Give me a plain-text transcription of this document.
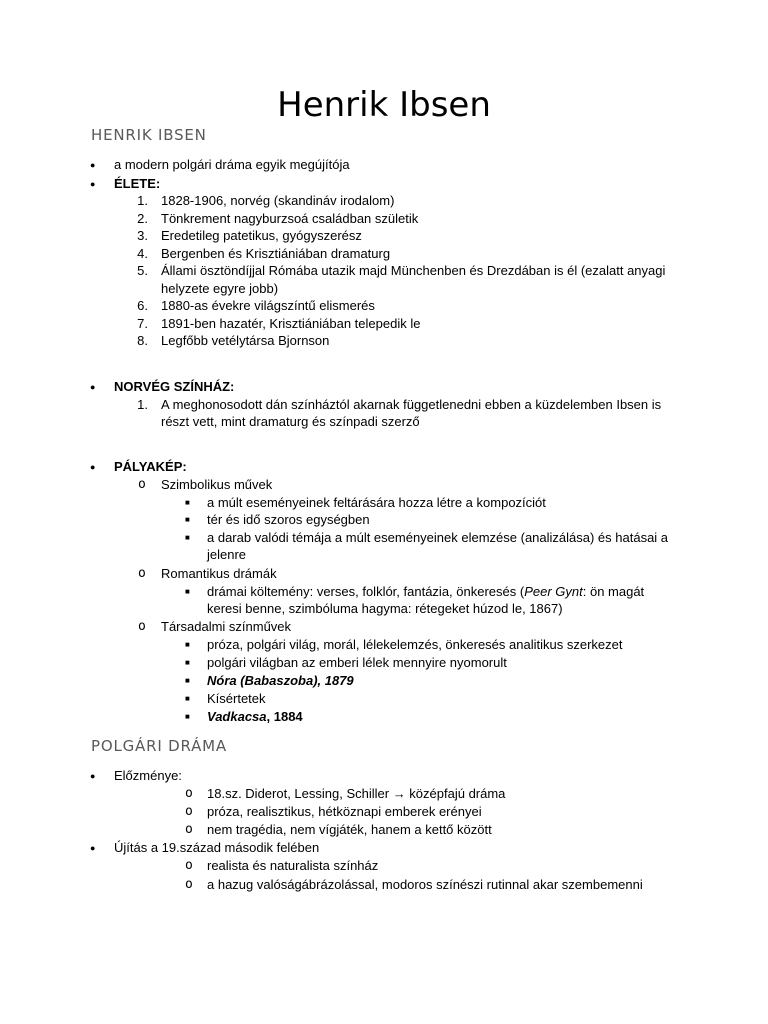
Henrik Ibsen
HENRIK IBSEN
● a modern polgári dráma egyik megújítója
● ÉLETE:
1. 1828-1906, norvég (skandináv irodalom)
2. Tönkrement nagyburzsoá családban születik
3. Eredetileg patetikus, gyógyszerész
4. Bergenben és Krisztiániában dramaturg
5. Állami ösztöndíjjal Rómába utazik majd Münchenben és Drezdában is él (ezalatt anyagi
helyzete egyre jobb)
6. 1880-as évekre világszíntű elismerés
7. 1891-ben hazatér, Krisztiániában telepedik le
8. Legfőbb vetélytársa Bjornson
● NORVÉG SZÍNHÁZ:
1. A meghonosodott dán színháztól akarnak függetlenedni ebben a küzdelemben Ibsen is
részt vett, mint dramaturg és színpadi szerző
● PÁLYAKÉP:
o Szimbolikus művek
■ a múlt eseményeinek feltárására hozza létre a kompozíciót
■ tér és idő szoros egységben
■ a darab valódi témája a múlt eseményeinek elemzése (analizálása) és hatásai a
jelenre
o Romantikus drámák
■ drámai költemény: verses, folklór, fantázia, önkeresés (Peer Gynt: ön magát
keresi benne, szimbóluma hagyma: rétegeket húzod le, 1867)
o Társadalmi színművek
■ próza, polgári világ, morál, lélekelemzés, önkeresés analitikus szerkezet
■ polgári világban az emberi lélek mennyire nyomorult
■ Nóra (Babaszoba), 1879
■ Kísértetek
■ Vadkacsa, 1884
POLGÁRI DRÁMA
● Előzménye:
o 18.sz. Diderot, Lessing, Schiller → középfajú dráma
o próza, realisztikus, hétköznapi emberek erényei
o nem tragédia, nem vígjáték, hanem a kettő között
● Újítás a 19.század második felében
o realista és naturalista színház
o a hazug valóságábrázolással, modoros színészi rutinnal akar szembemenni
